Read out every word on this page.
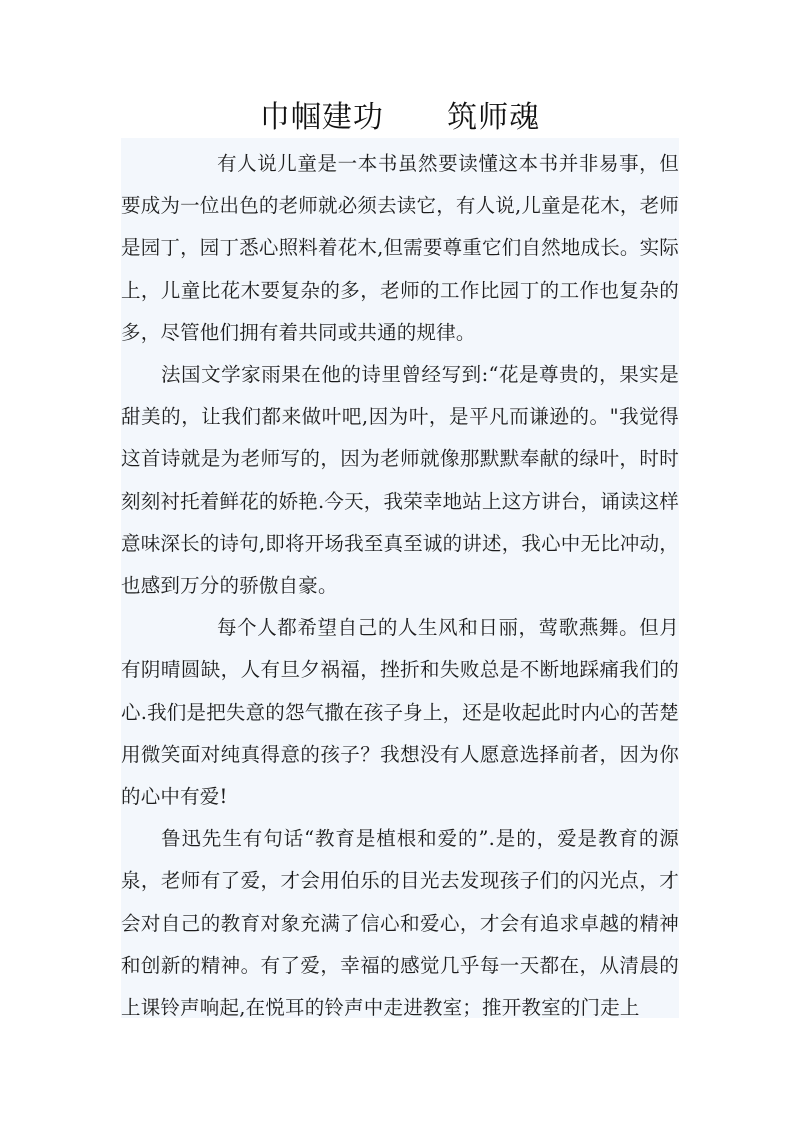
巾帼建功      筑师魂

有人说儿童是一本书虽然要读懂这本书并非易事，但要成为一位出色的老师就必须去读它，有人说,儿童是花木，老师是园丁，园丁悉心照料着花木,但需要尊重它们自然地成长。实际上，儿童比花木要复杂的多，老师的工作比园丁的工作也复杂的多，尽管他们拥有着共同或共通的规律。

法国文学家雨果在他的诗里曾经写到:“花是尊贵的，果实是甜美的，让我们都来做叶吧,因为叶，是平凡而谦逊的。"我觉得这首诗就是为老师写的，因为老师就像那默默奉献的绿叶，时时刻刻衬托着鲜花的娇艳.今天，我荣幸地站上这方讲台，诵读这样意味深长的诗句,即将开场我至真至诚的讲述，我心中无比冲动，也感到万分的骄傲自豪。

每个人都希望自己的人生风和日丽，莺歌燕舞。但月有阴晴圆缺，人有旦夕祸福，挫折和失败总是不断地踩痛我们的心.我们是把失意的怨气撒在孩子身上，还是收起此时内心的苦楚用微笑面对纯真得意的孩子？我想没有人愿意选择前者，因为你的心中有爱!

鲁迅先生有句话“教育是植根和爱的”.是的，爱是教育的源泉，老师有了爱，才会用伯乐的目光去发现孩子们的闪光点，才会对自己的教育对象充满了信心和爱心，才会有追求卓越的精神和创新的精神。有了爱，幸福的感觉几乎每一天都在，从清晨的上课铃声响起,在悦耳的铃声中走进教室；推开教室的门走上
